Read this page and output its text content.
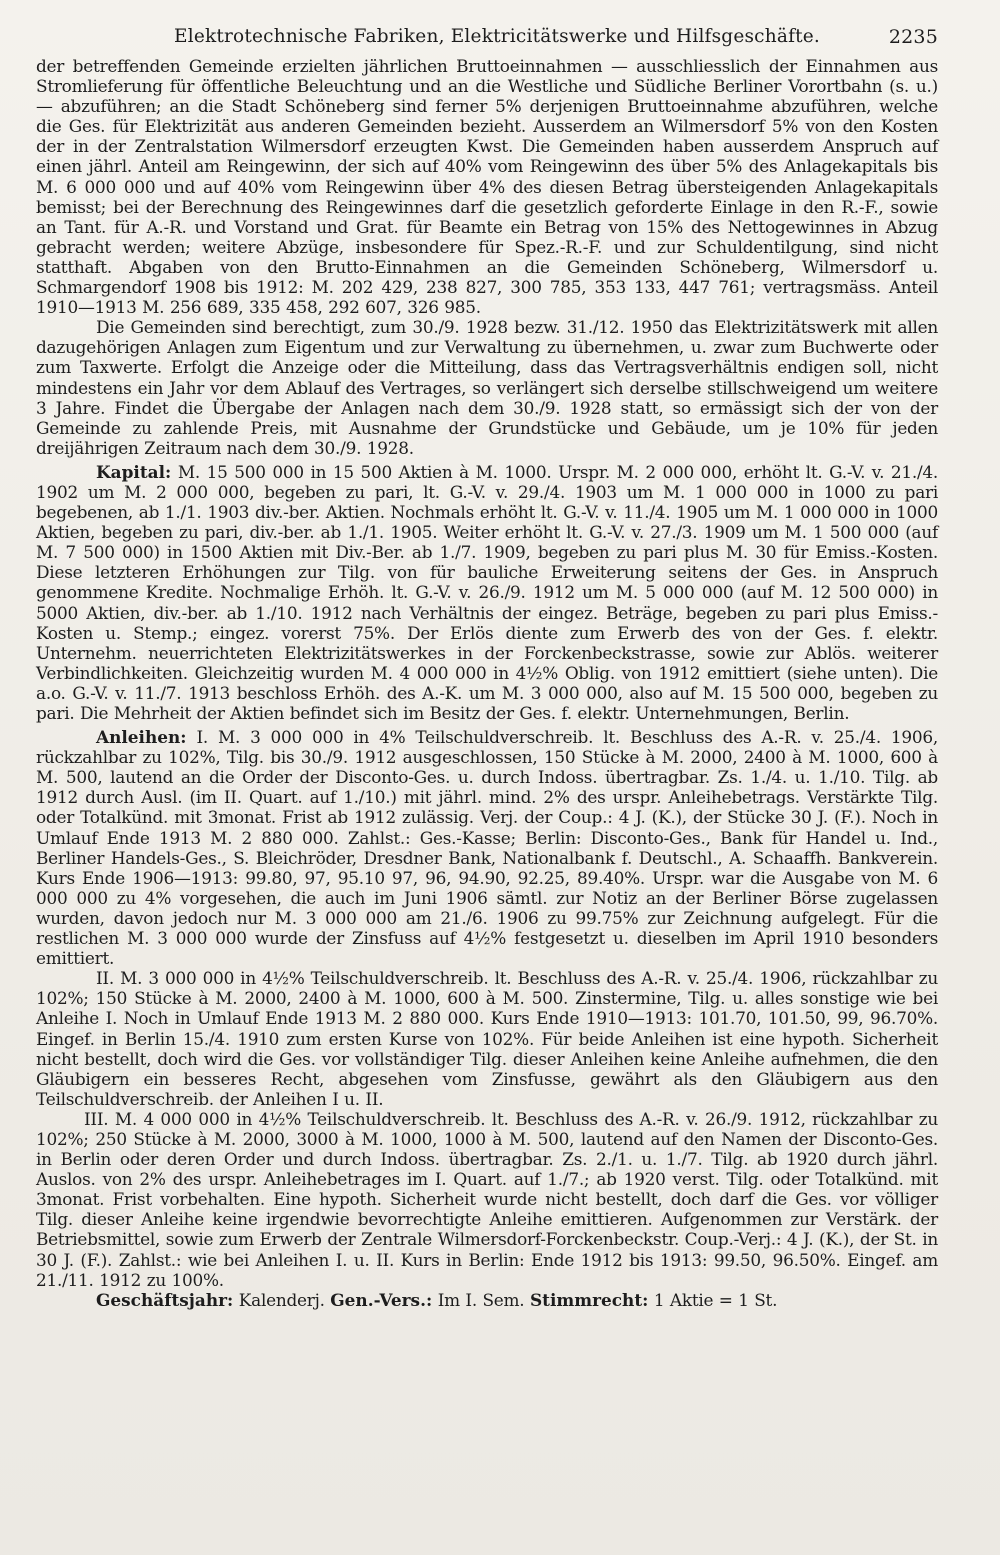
Elektrotechnische Fabriken, Elektricitätswerke und Hilfsgeschäfte.	2235

der betreffenden Gemeinde erzielten jährlichen Bruttoeinnahmen — ausschliesslich der Einnahmen aus Stromlieferung für öffentliche Beleuchtung und an die Westliche und Südliche Berliner Vorortbahn (s. u.) — abzuführen; an die Stadt Schöneberg sind ferner 5% derjenigen Bruttoeinnahme abzuführen, welche die Ges. für Elektrizität aus anderen Gemeinden bezieht. Ausserdem an Wilmersdorf 5% von den Kosten der in der Zentralstation Wilmersdorf erzeugten Kwst. Die Gemeinden haben ausserdem Anspruch auf einen jährl. Anteil am Reingewinn, der sich auf 40% vom Reingewinn des über 5% des Anlagekapitals bis M. 6 000 000 und auf 40% vom Reingewinn über 4% des diesen Betrag übersteigenden Anlagekapitals bemisst; bei der Berechnung des Reingewinnes darf die gesetzlich geforderte Einlage in den R.-F., sowie an Tant. für A.-R. und Vorstand und Grat. für Beamte ein Betrag von 15% des Nettogewinnes in Abzug gebracht werden; weitere Abzüge, insbesondere für Spez.-R.-F. und zur Schuldentilgung, sind nicht statthaft. Abgaben von den Brutto-Einnahmen an die Gemeinden Schöneberg, Wilmersdorf u. Schmargendorf 1908 bis 1912: M. 202 429, 238 827, 300 785, 353 133, 447 761; vertragsmäss. Anteil 1910—1913 M. 256 689, 335 458, 292 607, 326 985.

Die Gemeinden sind berechtigt, zum 30./9. 1928 bezw. 31./12. 1950 das Elektrizitätswerk mit allen dazugehörigen Anlagen zum Eigentum und zur Verwaltung zu übernehmen, u. zwar zum Buchwerte oder zum Taxwerte. Erfolgt die Anzeige oder die Mitteilung, dass das Vertragsverhältnis endigen soll, nicht mindestens ein Jahr vor dem Ablauf des Vertrages, so verlängert sich derselbe stillschweigend um weitere 3 Jahre. Findet die Übergabe der Anlagen nach dem 30./9. 1928 statt, so ermässigt sich der von der Gemeinde zu zahlende Preis, mit Ausnahme der Grundstücke und Gebäude, um je 10% für jeden dreijährigen Zeitraum nach dem 30./9. 1928.

Kapital: M. 15 500 000 in 15 500 Aktien à M. 1000. Urspr. M. 2 000 000, erhöht lt. G.-V. v. 21./4. 1902 um M. 2 000 000, begeben zu pari, lt. G.-V. v. 29./4. 1903 um M. 1 000 000 in 1000 zu pari begebenen, ab 1./1. 1903 div.-ber. Aktien. Nochmals erhöht lt. G.-V. v. 11./4. 1905 um M. 1 000 000 in 1000 Aktien, begeben zu pari, div.-ber. ab 1./1. 1905. Weiter erhöht lt. G.-V. v. 27./3. 1909 um M. 1 500 000 (auf M. 7 500 000) in 1500 Aktien mit Div.-Ber. ab 1./7. 1909, begeben zu pari plus M. 30 für Emiss.-Kosten. Diese letzteren Erhöhungen zur Tilg. von für bauliche Erweiterung seitens der Ges. in Anspruch genommene Kredite. Nochmalige Erhöh. lt. G.-V. v. 26./9. 1912 um M. 5 000 000 (auf M. 12 500 000) in 5000 Aktien, div.-ber. ab 1./10. 1912 nach Verhältnis der eingez. Beträge, begeben zu pari plus Emiss.-Kosten u. Stemp.; eingez. vorerst 75%. Der Erlös diente zum Erwerb des von der Ges. f. elektr. Unternehm. neuerrichteten Elektrizitätswerkes in der Forckenbeckstrasse, sowie zur Ablös. weiterer Verbindlichkeiten. Gleichzeitig wurden M. 4 000 000 in 4½% Oblig. von 1912 emittiert (siehe unten). Die a.o. G.-V. v. 11./7. 1913 beschloss Erhöh. des A.-K. um M. 3 000 000, also auf M. 15 500 000, begeben zu pari. Die Mehrheit der Aktien befindet sich im Besitz der Ges. f. elektr. Unternehmungen, Berlin.

Anleihen: I. M. 3 000 000 in 4% Teilschuldverschreib. lt. Beschluss des A.-R. v. 25./4. 1906, rückzahlbar zu 102%, Tilg. bis 30./9. 1912 ausgeschlossen, 150 Stücke à M. 2000, 2400 à M. 1000, 600 à M. 500, lautend an die Order der Disconto-Ges. u. durch Indoss. übertragbar. Zs. 1./4. u. 1./10. Tilg. ab 1912 durch Ausl. (im II. Quart. auf 1./10.) mit jährl. mind. 2% des urspr. Anleihebetrags. Verstärkte Tilg. oder Totalkünd. mit 3monat. Frist ab 1912 zulässig. Verj. der Coup.: 4 J. (K.), der Stücke 30 J. (F.). Noch in Umlauf Ende 1913 M. 2 880 000. Zahlst.: Ges.-Kasse; Berlin: Disconto-Ges., Bank für Handel u. Ind., Berliner Handels-Ges., S. Bleichröder, Dresdner Bank, Nationalbank f. Deutschl., A. Schaaffh. Bankverein. Kurs Ende 1906—1913: 99.80, 97, 95.10 97, 96, 94.90, 92.25, 89.40%. Urspr. war die Ausgabe von M. 6 000 000 zu 4% vorgesehen, die auch im Juni 1906 sämtl. zur Notiz an der Berliner Börse zugelassen wurden, davon jedoch nur M. 3 000 000 am 21./6. 1906 zu 99.75% zur Zeichnung aufgelegt. Für die restlichen M. 3 000 000 wurde der Zinsfuss auf 4½% festgesetzt u. dieselben im April 1910 besonders emittiert.

II. M. 3 000 000 in 4½% Teilschuldverschreib. lt. Beschluss des A.-R. v. 25./4. 1906, rückzahlbar zu 102%; 150 Stücke à M. 2000, 2400 à M. 1000, 600 à M. 500. Zinstermine, Tilg. u. alles sonstige wie bei Anleihe I. Noch in Umlauf Ende 1913 M. 2 880 000. Kurs Ende 1910—1913: 101.70, 101.50, 99, 96.70%. Eingef. in Berlin 15./4. 1910 zum ersten Kurse von 102%. Für beide Anleihen ist eine hypoth. Sicherheit nicht bestellt, doch wird die Ges. vor vollständiger Tilg. dieser Anleihen keine Anleihe aufnehmen, die den Gläubigern ein besseres Recht, abgesehen vom Zinsfusse, gewährt als den Gläubigern aus den Teilschuldverschreib. der Anleihen I u. II.

III. M. 4 000 000 in 4½% Teilschuldverschreib. lt. Beschluss des A.-R. v. 26./9. 1912, rückzahlbar zu 102%; 250 Stücke à M. 2000, 3000 à M. 1000, 1000 à M. 500, lautend auf den Namen der Disconto-Ges. in Berlin oder deren Order und durch Indoss. übertragbar. Zs. 2./1. u. 1./7. Tilg. ab 1920 durch jährl. Auslos. von 2% des urspr. Anleihebetrages im I. Quart. auf 1./7.; ab 1920 verst. Tilg. oder Totalkünd. mit 3monat. Frist vorbehalten. Eine hypoth. Sicherheit wurde nicht bestellt, doch darf die Ges. vor völliger Tilg. dieser Anleihe keine irgendwie bevorrechtigte Anleihe emittieren. Aufgenommen zur Verstärk. der Betriebsmittel, sowie zum Erwerb der Zentrale Wilmersdorf-Forckenbeckstr. Coup.-Verj.: 4 J. (K.), der St. in 30 J. (F.). Zahlst.: wie bei Anleihen I. u. II. Kurs in Berlin: Ende 1912 bis 1913: 99.50, 96.50%. Eingef. am 21./11. 1912 zu 100%.

Geschäftsjahr: Kalenderj. Gen.-Vers.: Im I. Sem. Stimmrecht: 1 Aktie = 1 St.
